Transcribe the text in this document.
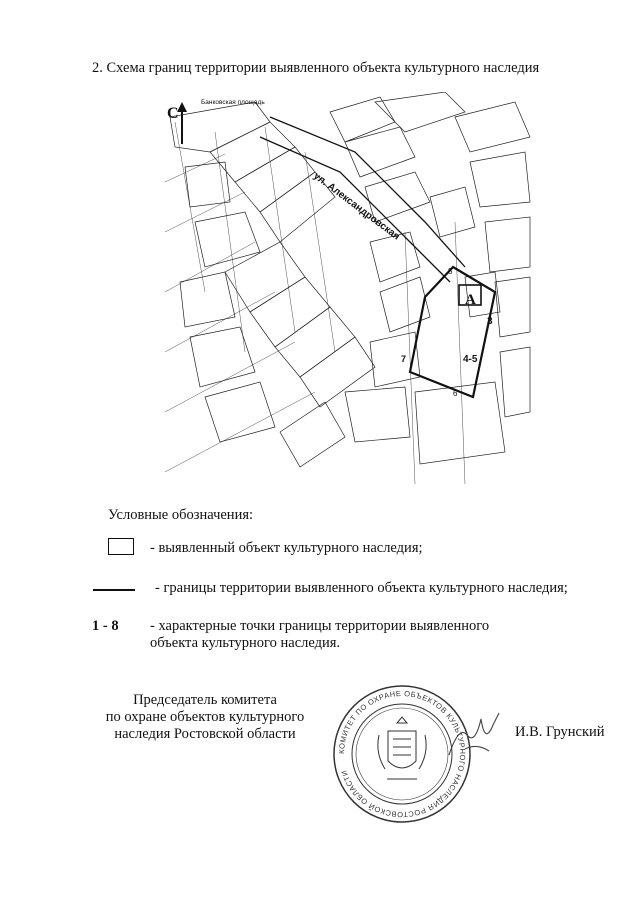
2. Схема границ территории выявленного объекта культурного наследия
ул. Александровская
Банковская площадь
С
А
7
3
4-5
6
8
Условные обозначения:
- выявленный объект культурного наследия;
- границы территории выявленного объекта культурного наследия;
1 - 8 - характерные точки границы территории выявленного
объекта культурного наследия.
Председатель комитета
по охране объектов культурного
наследия Ростовской области
КОМИТЕТ ПО ОХРАНЕ ОБЪЕКТОВ КУЛЬТУРНОГО НАСЛЕДИЯ РОСТОВСКОЙ ОБЛАСТИ
И.В. Грунский
